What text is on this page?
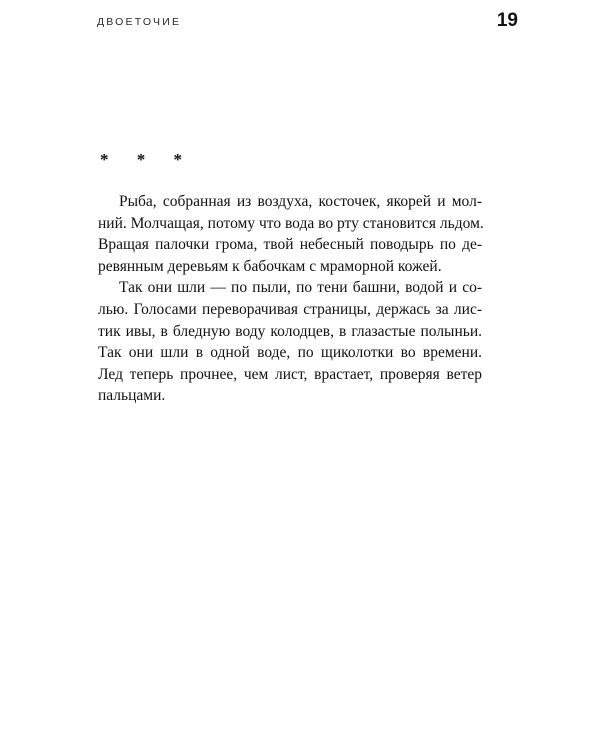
ДВОЕТОЧИЕ	19
* * *

Рыба, собранная из воздуха, косточек, якорей и мол-
ний. Молчащая, потому что вода во рту становится льдом.
Вращая палочки грома, твой небесный поводырь по де-
ревянным деревьям к бабочкам с мраморной кожей.

Так они шли — по пыли, по тени башни, водой и со-
лью. Голосами переворачивая страницы, держась за лис-
тик ивы, в бледную воду колодцев, в глазастые полыньи.
Так они шли в одной воде, по щиколотки во времени.
Лед теперь прочнее, чем лист, врастает, проверяя ветер
пальцами.
